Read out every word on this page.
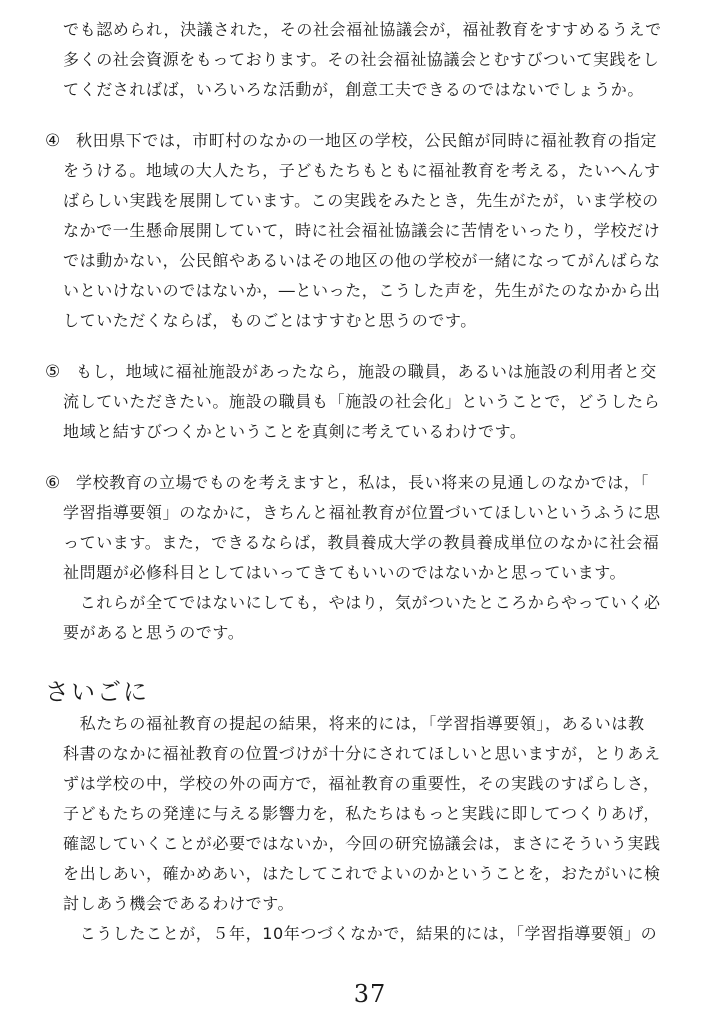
でも認められ，決議された，その社会福祉協議会が，福祉教育をすすめるうえで
多くの社会資源をもっております。その社会福祉協議会とむすびついて実践をし
てくださればば，いろいろな活動が，創意工夫できるのではないでしょうか。
④ 秋田県下では，市町村のなかの一地区の学校，公民館が同時に福祉教育の指定
をうける。地域の大人たち，子どもたちもともに福祉教育を考える，たいへんす
ばらしい実践を展開しています。この実践をみたとき，先生がたが，いま学校の
なかで一生懸命展開していて，時に社会福祉協議会に苦情をいったり，学校だけ
では動かない，公民館やあるいはその地区の他の学校が一緒になってがんばらな
いといけないのではないか，―といった，こうした声を，先生がたのなかから出
していただくならば，ものごとはすすむと思うのです。
⑤ もし，地域に福祉施設があったなら，施設の職員，あるいは施設の利用者と交
流していただきたい。施設の職員も「施設の社会化」ということで，どうしたら
地域と結すびつくかということを真剣に考えているわけです。
⑥ 学校教育の立場でものを考えますと，私は，長い将来の見通しのなかでは，「
学習指導要領」のなかに，きちんと福祉教育が位置づいてほしいというふうに思
っています。また，できるならば，教員養成大学の教員養成単位のなかに社会福
祉問題が必修科目としてはいってきてもいいのではないかと思っています。
　これらが全てではないにしても，やはり，気がついたところからやっていく必
要があると思うのです。
さいごに
　私たちの福祉教育の提起の結果，将来的には，「学習指導要領」，あるいは教
科書のなかに福祉教育の位置づけが十分にされてほしいと思いますが，とりあえ
ずは学校の中，学校の外の両方で，福祉教育の重要性，その実践のすばらしさ，
子どもたちの発達に与える影響力を，私たちはもっと実践に即してつくりあげ，
確認していくことが必要ではないか，今回の研究協議会は，まさにそういう実践
を出しあい，確かめあい，はたしてこれでよいのかということを，おたがいに検
討しあう機会であるわけです。
　こうしたことが，５年，10年つづくなかで，結果的には，「学習指導要領」の
37
